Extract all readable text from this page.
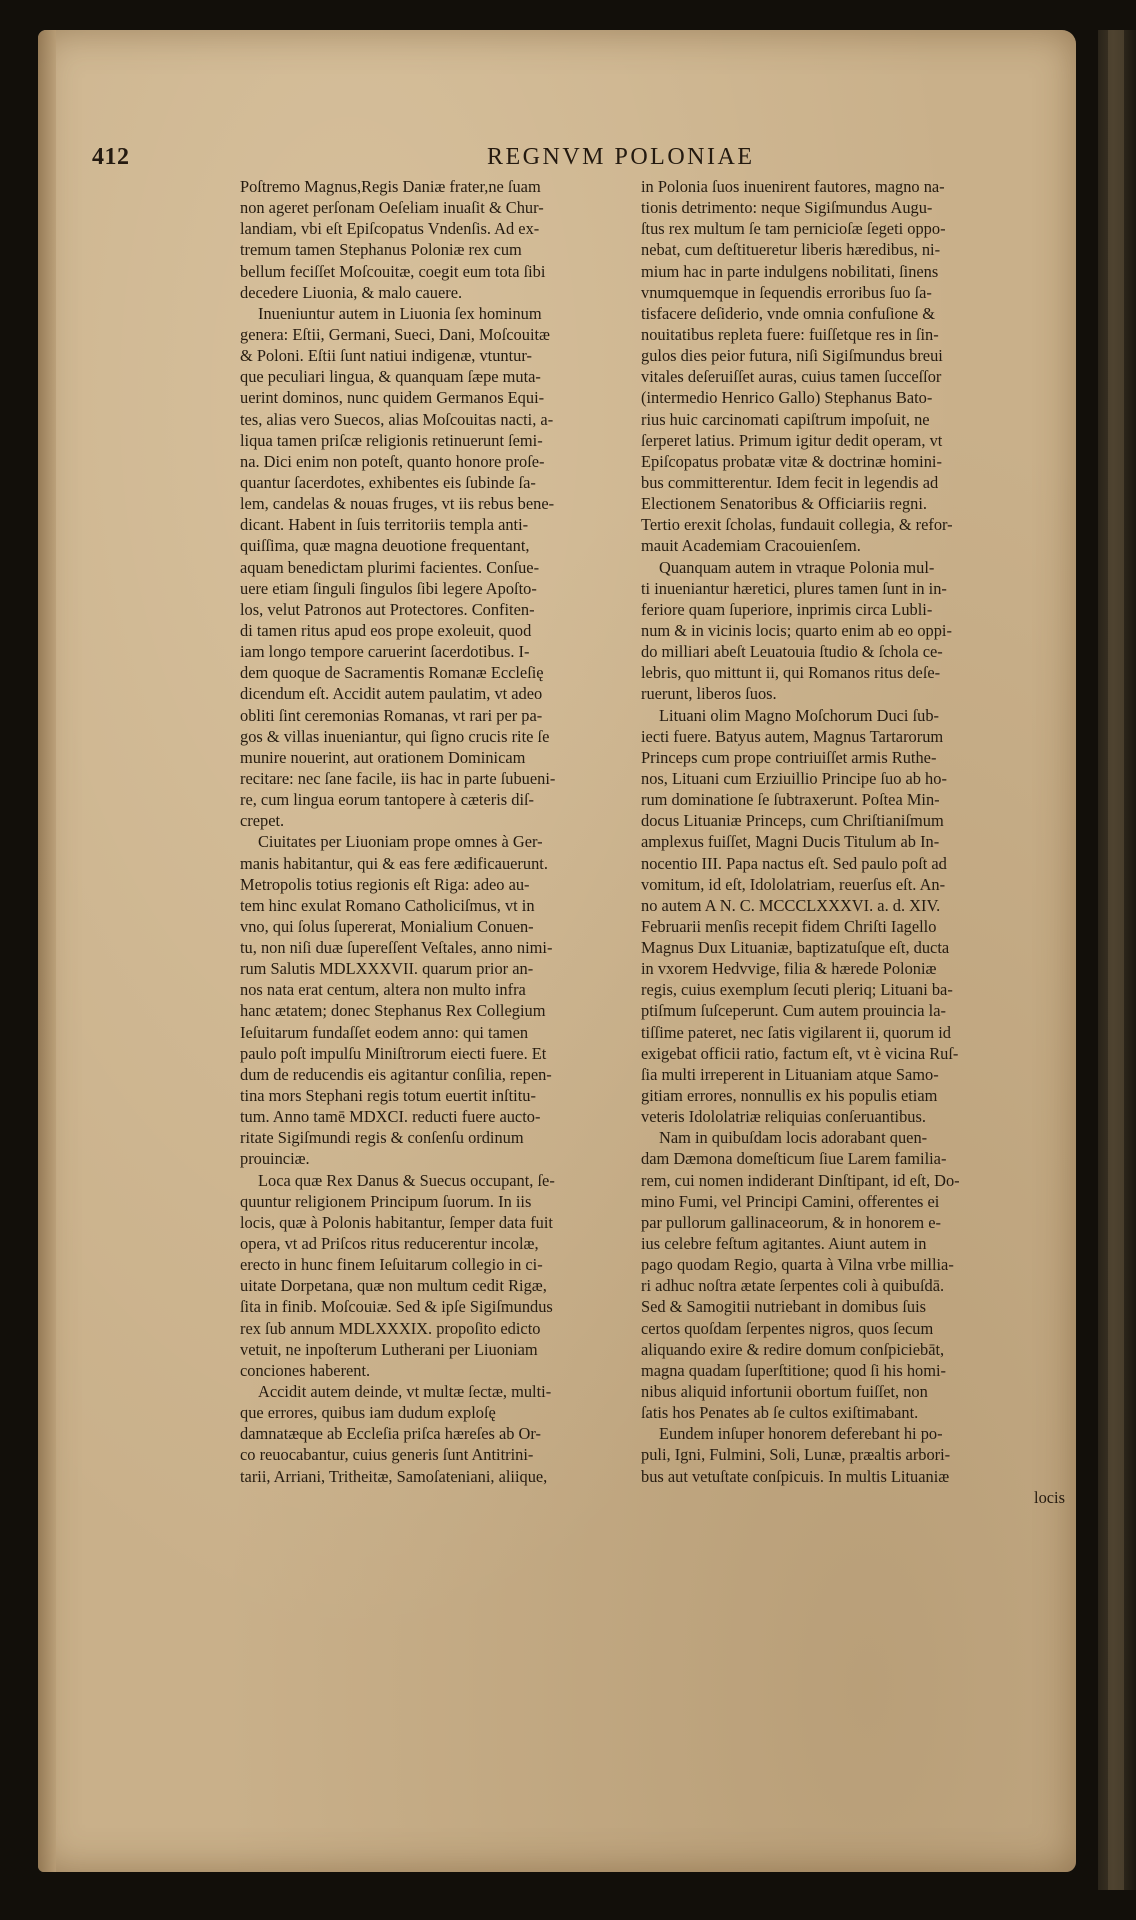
412	REGNVM POLONIAE
Poſtremo Magnus,Regis Daniæ frater,ne ſuam
non ageret perſonam Oeſeliam inuaſit & Chur-
landiam, vbi eſt Epiſcopatus Vndenſis. Ad ex-
tremum tamen Stephanus Poloniæ rex cum
bellum feciſſet Moſcouitæ, coegit eum tota ſibi
decedere Liuonia, & malo cauere.
Inueniuntur autem in Liuonia ſex hominum
genera: Eſtii, Germani, Sueci, Dani, Moſcouitæ
& Poloni. Eſtii ſunt natiui indigenæ, vtuntur-
que peculiari lingua, & quanquam ſæpe muta-
uerint dominos, nunc quidem Germanos Equi-
tes, alias vero Suecos, alias Moſcouitas nacti, a-
liqua tamen priſcæ religionis retinuerunt ſemi-
na. Dici enim non poteſt, quanto honore proſe-
quantur ſacerdotes, exhibentes eis ſubinde ſa-
lem, candelas & nouas fruges, vt iis rebus bene-
dicant. Habent in ſuis territoriis templa anti-
quiſſima, quæ magna deuotione frequentant,
aquam benedictam plurimi facientes. Conſue-
uere etiam ſinguli ſingulos ſibi legere Apoſto-
los, velut Patronos aut Protectores. Confiten-
di tamen ritus apud eos prope exoleuit, quod
iam longo tempore caruerint ſacerdotibus. I-
dem quoque de Sacramentis Romanæ Eccleſię
dicendum eſt. Accidit autem paulatim, vt adeo
obliti ſint ceremonias Romanas, vt rari per pa-
gos & villas inueniantur, qui ſigno crucis rite ſe
munire nouerint, aut orationem Dominicam
recitare: nec ſane facile, iis hac in parte ſubueni-
re, cum lingua eorum tantopere à cæteris diſ-
crepet.
Ciuitates per Liuoniam prope omnes à Ger-
manis habitantur, qui & eas fere ædificauerunt.
Metropolis totius regionis eſt Riga: adeo au-
tem hinc exulat Romano Catholiciſmus, vt in
vno, qui ſolus ſupererat, Monialium Conuen-
tu, non niſi duæ ſupereſſent Veſtales, anno nimi-
rum Salutis MDLXXXVII. quarum prior an-
nos nata erat centum, altera non multo infra
hanc ætatem; donec Stephanus Rex Collegium
Ieſuitarum fundaſſet eodem anno: qui tamen
paulo poſt impulſu Miniſtrorum eiecti fuere. Et
dum de reducendis eis agitantur conſilia, repen-
tina mors Stephani regis totum euertit inſtitu-
tum. Anno tamē MDXCI. reducti fuere aucto-
ritate Sigiſmundi regis & conſenſu ordinum
prouinciæ.
Loca quæ Rex Danus & Suecus occupant, ſe-
quuntur religionem Principum ſuorum. In iis
locis, quæ à Polonis habitantur, ſemper data fuit
opera, vt ad Priſcos ritus reducerentur incolæ,
erecto in hunc finem Ieſuitarum collegio in ci-
uitate Dorpetana, quæ non multum cedit Rigæ,
ſita in finib. Moſcouiæ. Sed & ipſe Sigiſmundus
rex ſub annum MDLXXXIX. propoſito edicto
vetuit, ne inpoſterum Lutherani per Liuoniam
conciones haberent.
Accidit autem deinde, vt multæ ſectæ, multi-
que errores, quibus iam dudum exploſę
damnatæque ab Eccleſia priſca hæreſes ab Or-
co reuocabantur, cuius generis ſunt Antitrini-
tarii, Arriani, Tritheitæ, Samoſateniani, aliique,
in Polonia ſuos inuenirent fautores, magno na-
tionis detrimento: neque Sigiſmundus Augu-
ſtus rex multum ſe tam pernicioſæ ſegeti oppo-
nebat, cum deſtitueretur liberis hæredibus, ni-
mium hac in parte indulgens nobilitati, ſinens
vnumquemque in ſequendis erroribus ſuo ſa-
tisfacere deſiderio, vnde omnia confuſione &
nouitatibus repleta fuere: fuiſſetque res in ſin-
gulos dies peior futura, niſi Sigiſmundus breui
vitales deſeruiſſet auras, cuius tamen ſucceſſor
(intermedio Henrico Gallo) Stephanus Bato-
rius huic carcinomati capiſtrum impoſuit, ne
ſerperet latius. Primum igitur dedit operam, vt
Epiſcopatus probatæ vitæ & doctrinæ homini-
bus committerentur. Idem fecit in legendis ad
Electionem Senatoribus & Officiariis regni.
Tertio erexit ſcholas, fundauit collegia, & refor-
mauit Academiam Cracouienſem.
Quanquam autem in vtraque Polonia mul-
ti inueniantur hæretici, plures tamen ſunt in in-
feriore quam ſuperiore, inprimis circa Lubli-
num & in vicinis locis; quarto enim ab eo oppi-
do milliari abeſt Leuatouia ſtudio & ſchola ce-
lebris, quo mittunt ii, qui Romanos ritus deſe-
ruerunt, liberos ſuos.
Lituani olim Magno Moſchorum Duci ſub-
iecti fuere. Batyus autem, Magnus Tartarorum
Princeps cum prope contriuiſſet armis Ruthe-
nos, Lituani cum Erziuillio Principe ſuo ab ho-
rum dominatione ſe ſubtraxerunt. Poſtea Min-
docus Lituaniæ Princeps, cum Chriſtianiſmum
amplexus fuiſſet, Magni Ducis Titulum ab In-
nocentio III. Papa nactus eſt. Sed paulo poſt ad
vomitum, id eſt, Idololatriam, reuerſus eſt. An-
no autem A N. C. MCCCLXXXVI. a. d. XIV.
Februarii menſis recepit fidem Chriſti Iagello
Magnus Dux Lituaniæ, baptizatuſque eſt, ducta
in vxorem Hedvvige, filia & hærede Poloniæ
regis, cuius exemplum ſecuti pleriq; Lituani ba-
ptiſmum ſuſceperunt. Cum autem prouincia la-
tiſſime pateret, nec ſatis vigilarent ii, quorum id
exigebat officii ratio, factum eſt, vt è vicina Ruſ-
ſia multi irreperent in Lituaniam atque Samo-
gitiam errores, nonnullis ex his populis etiam
veteris Idololatriæ reliquias conſeruantibus.
Nam in quibuſdam locis adorabant quen-
dam Dæmona domeſticum ſiue Larem familia-
rem, cui nomen indiderant Dinſtipant, id eſt, Do-
mino Fumi, vel Principi Camini, offerentes ei
par pullorum gallinaceorum, & in honorem e-
ius celebre feſtum agitantes. Aiunt autem in
pago quodam Regio, quarta à Vilna vrbe millia-
ri adhuc noſtra ætate ſerpentes coli à quibuſdā.
Sed & Samogitii nutriebant in domibus ſuis
certos quoſdam ſerpentes nigros, quos ſecum
aliquando exire & redire domum conſpiciebāt,
magna quadam ſuperſtitione; quod ſi his homi-
nibus aliquid infortunii obortum fuiſſet, non
ſatis hos Penates ab ſe cultos exiſtimabant.
Eundem inſuper honorem deferebant hi po-
puli, Igni, Fulmini, Soli, Lunæ, præaltis arbori-
bus aut vetuſtate conſpicuis. In multis Lituaniæ
locis
